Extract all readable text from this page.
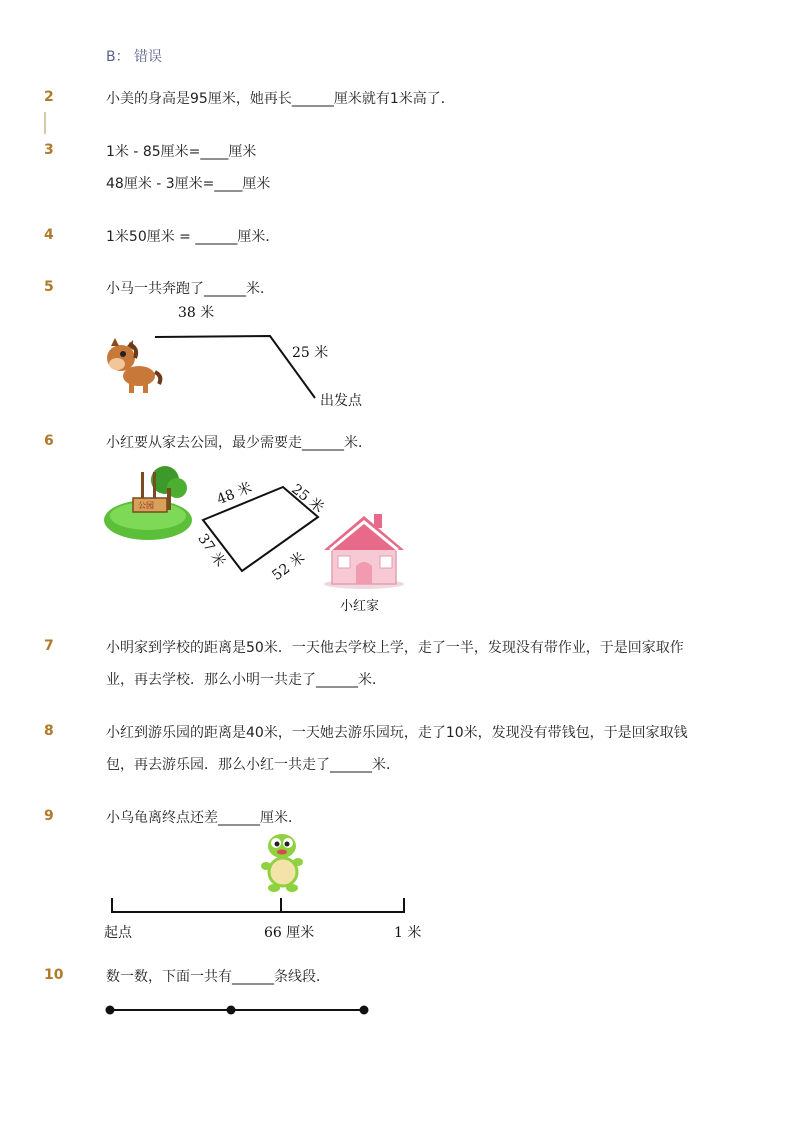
B： 错误
2	小美的身高是95厘米，她再长______厘米就有1米高了．
3	1米 - 85厘米=____厘米
48厘米 - 3厘米=____厘米
4	1米50厘米 = ______厘米．
5	小马一共奔跑了______米．
38 米
25 米
出发点
6	小红要从家去公园，最少需要走______米．
公园	48 米 25 米
37 米	52 米
小红家
7	小明家到学校的距离是50米．一天他去学校上学，走了一半，发现没有带作业，于是回家取作
业，再去学校．那么小明一共走了______米．
8	小红到游乐园的距离是40米，一天她去游乐园玩，走了10米，发现没有带钱包，于是回家取钱
包，再去游乐园．那么小红一共走了______米．
9	小乌龟离终点还差______厘米．
起点	66 厘米	1 米
10	数一数，下面一共有______条线段．
